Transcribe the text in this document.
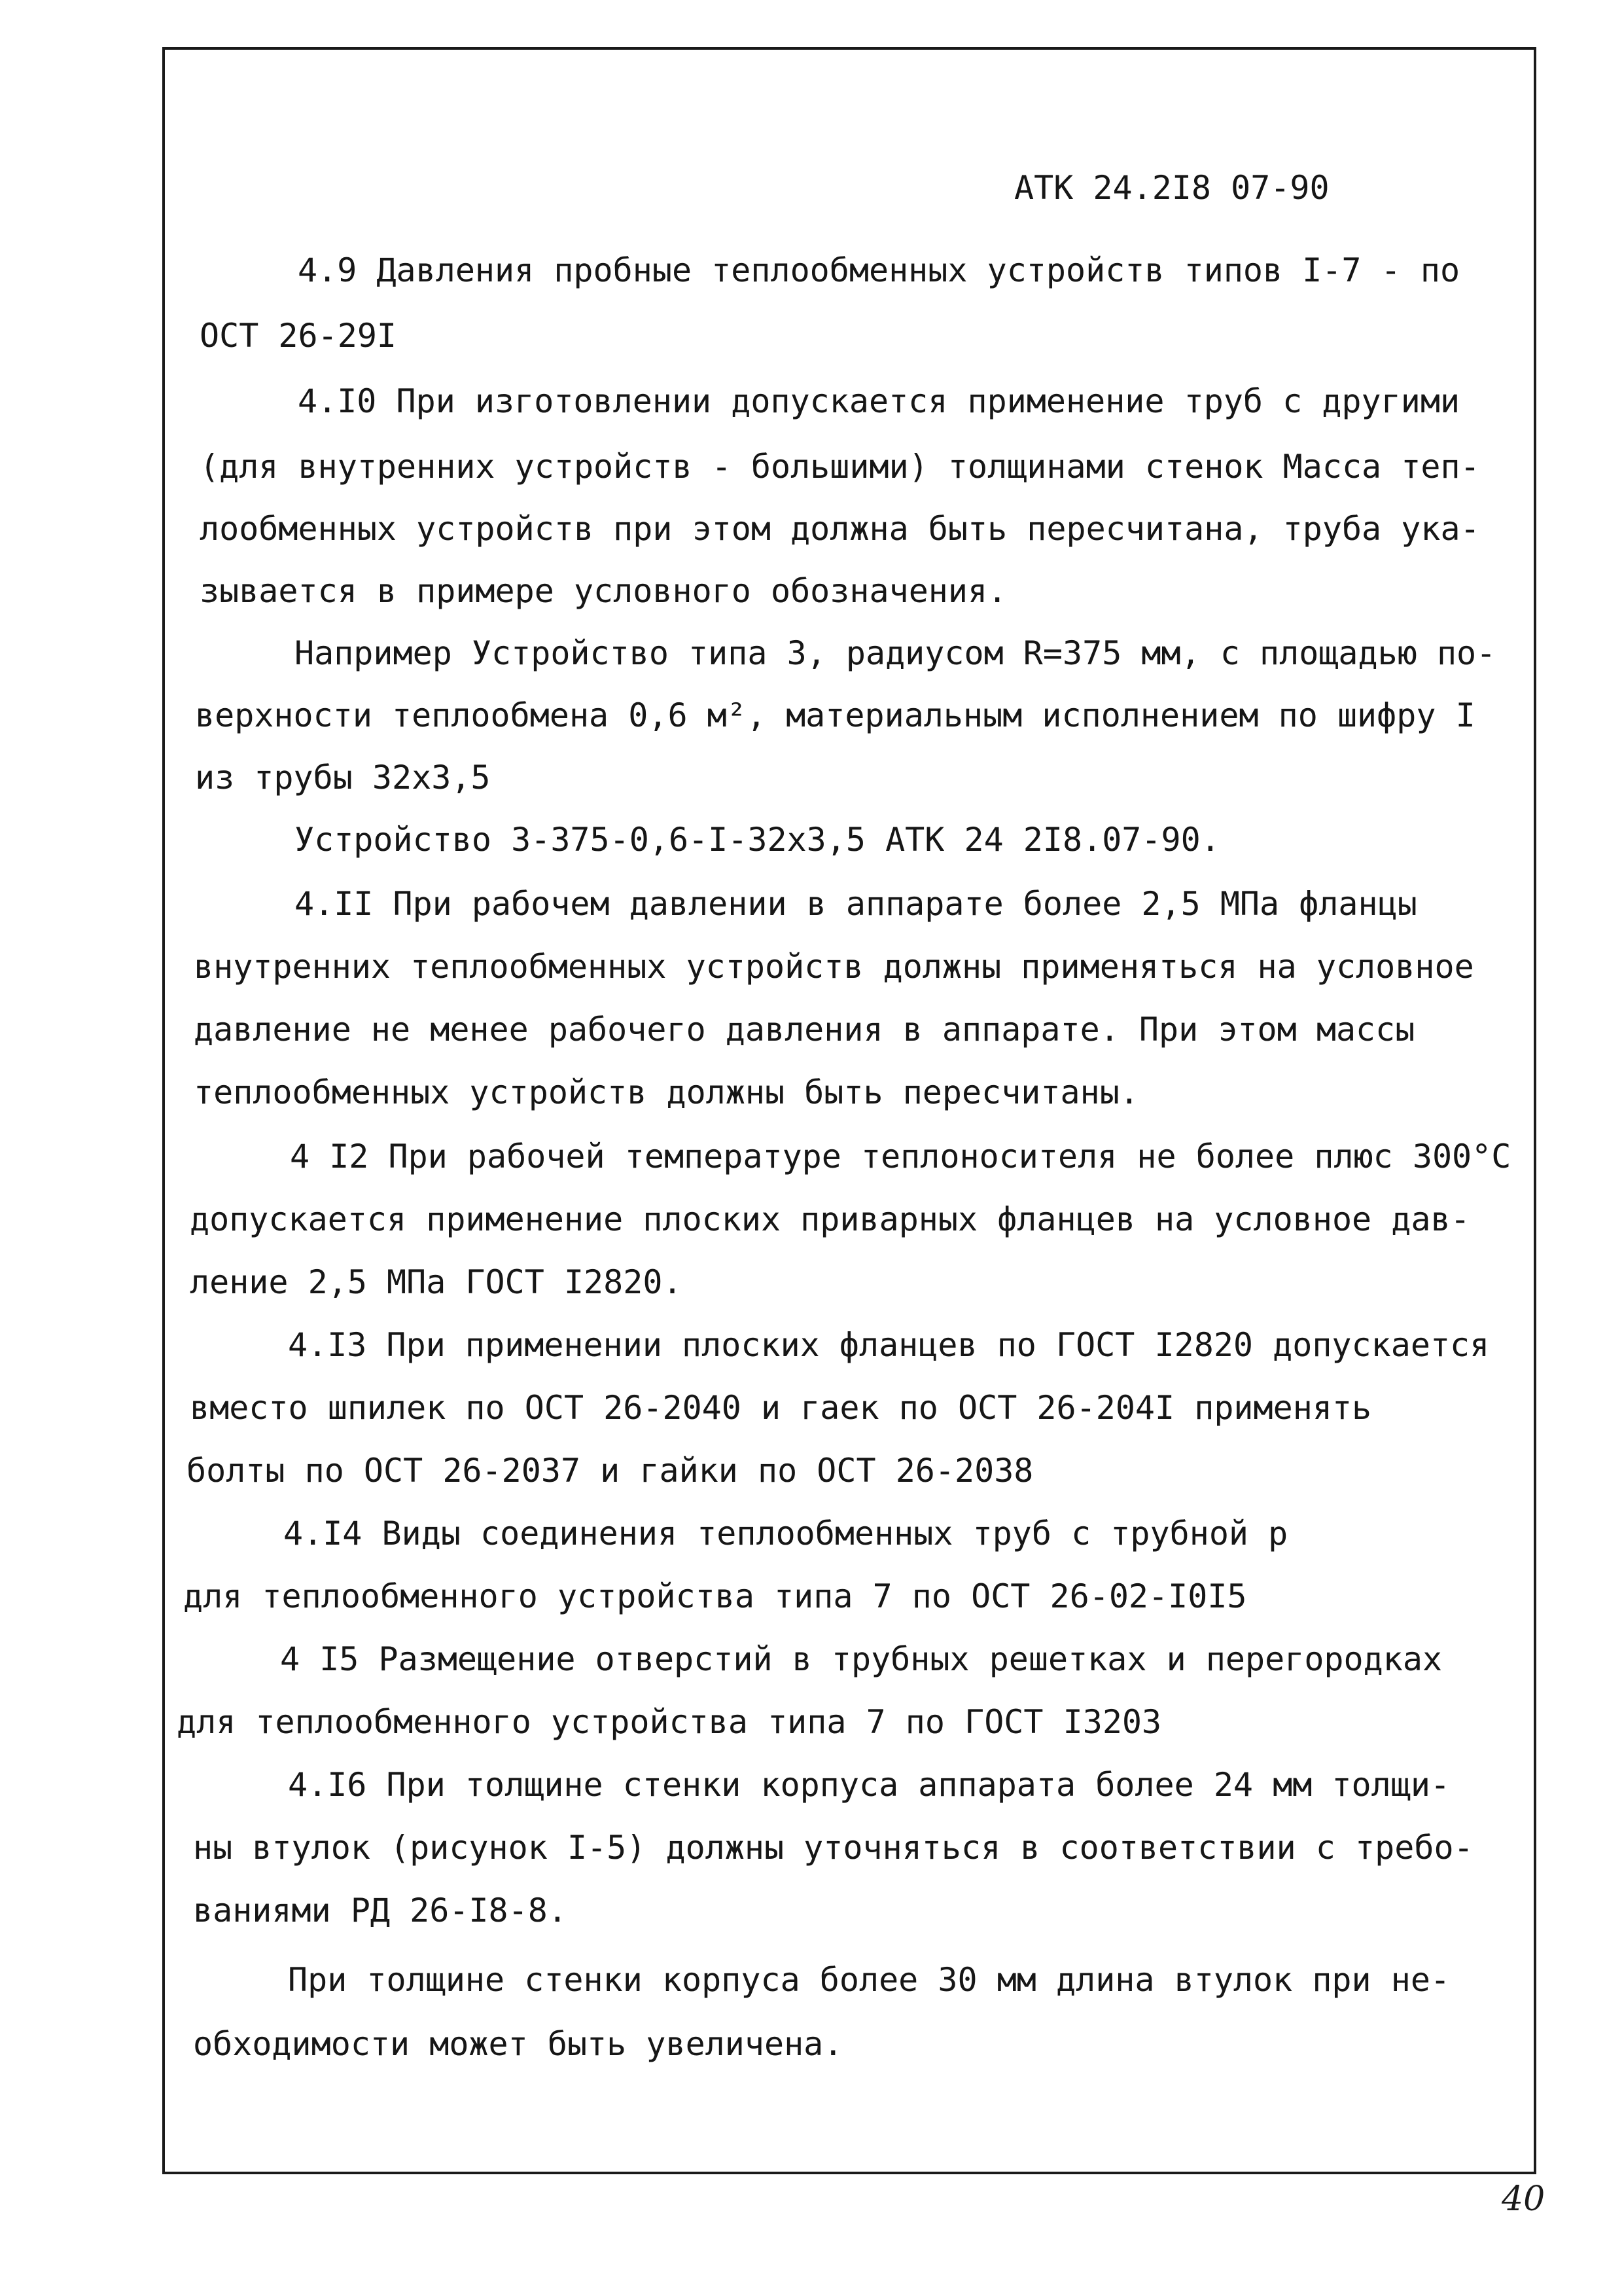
АТК 24.2I8 07-90
4.9 Давления пробные теплообменных устройств типов I-7 - по
ОСТ 26-29I
4.I0 При изготовлении допускается применение труб с другими
(для внутренних устройств - большими) толщинами стенок Масса теп-
лообменных устройств при этом должна быть пересчитана, труба ука-
зывается в примере условного обозначения.
Например Устройство типа 3, радиусом R=375 мм, с площадью по-
верхности теплообмена 0,6 м², материальным исполнением по шифру I
из трубы 32x3,5
Устройство 3-375-0,6-I-32x3,5 АТК 24 2I8.07-90.
4.II При рабочем давлении в аппарате более 2,5 МПа фланцы
внутренних теплообменных устройств должны применяться на условное
давление не менее рабочего давления в аппарате. При этом массы
теплообменных устройств должны быть пересчитаны.
4 I2 При рабочей температуре теплоносителя не более плюс 300°С
допускается применение плоских приварных фланцев на условное дав-
ление 2,5 МПа ГОСТ I2820.
4.I3 При применении плоских фланцев по ГОСТ I2820 допускается
вместо шпилек по ОСТ 26-2040 и гаек по ОСТ 26-204I применять
болты по ОСТ 26-2037 и гайки по ОСТ 26-2038
4.I4 Виды соединения теплообменных труб с трубной р
для теплообменного устройства типа 7 по ОСТ 26-02-I0I5
4 I5 Размещение отверстий в трубных решетках и перегородках
для теплообменного устройства типа 7 по ГОСТ I3203
4.I6 При толщине стенки корпуса аппарата более 24 мм толщи-
ны втулок (рисунок I-5) должны уточняться в соответствии с требо-
ваниями РД 26-I8-8.
При толщине стенки корпуса более 30 мм длина втулок при не-
обходимости может быть увеличена.
40
